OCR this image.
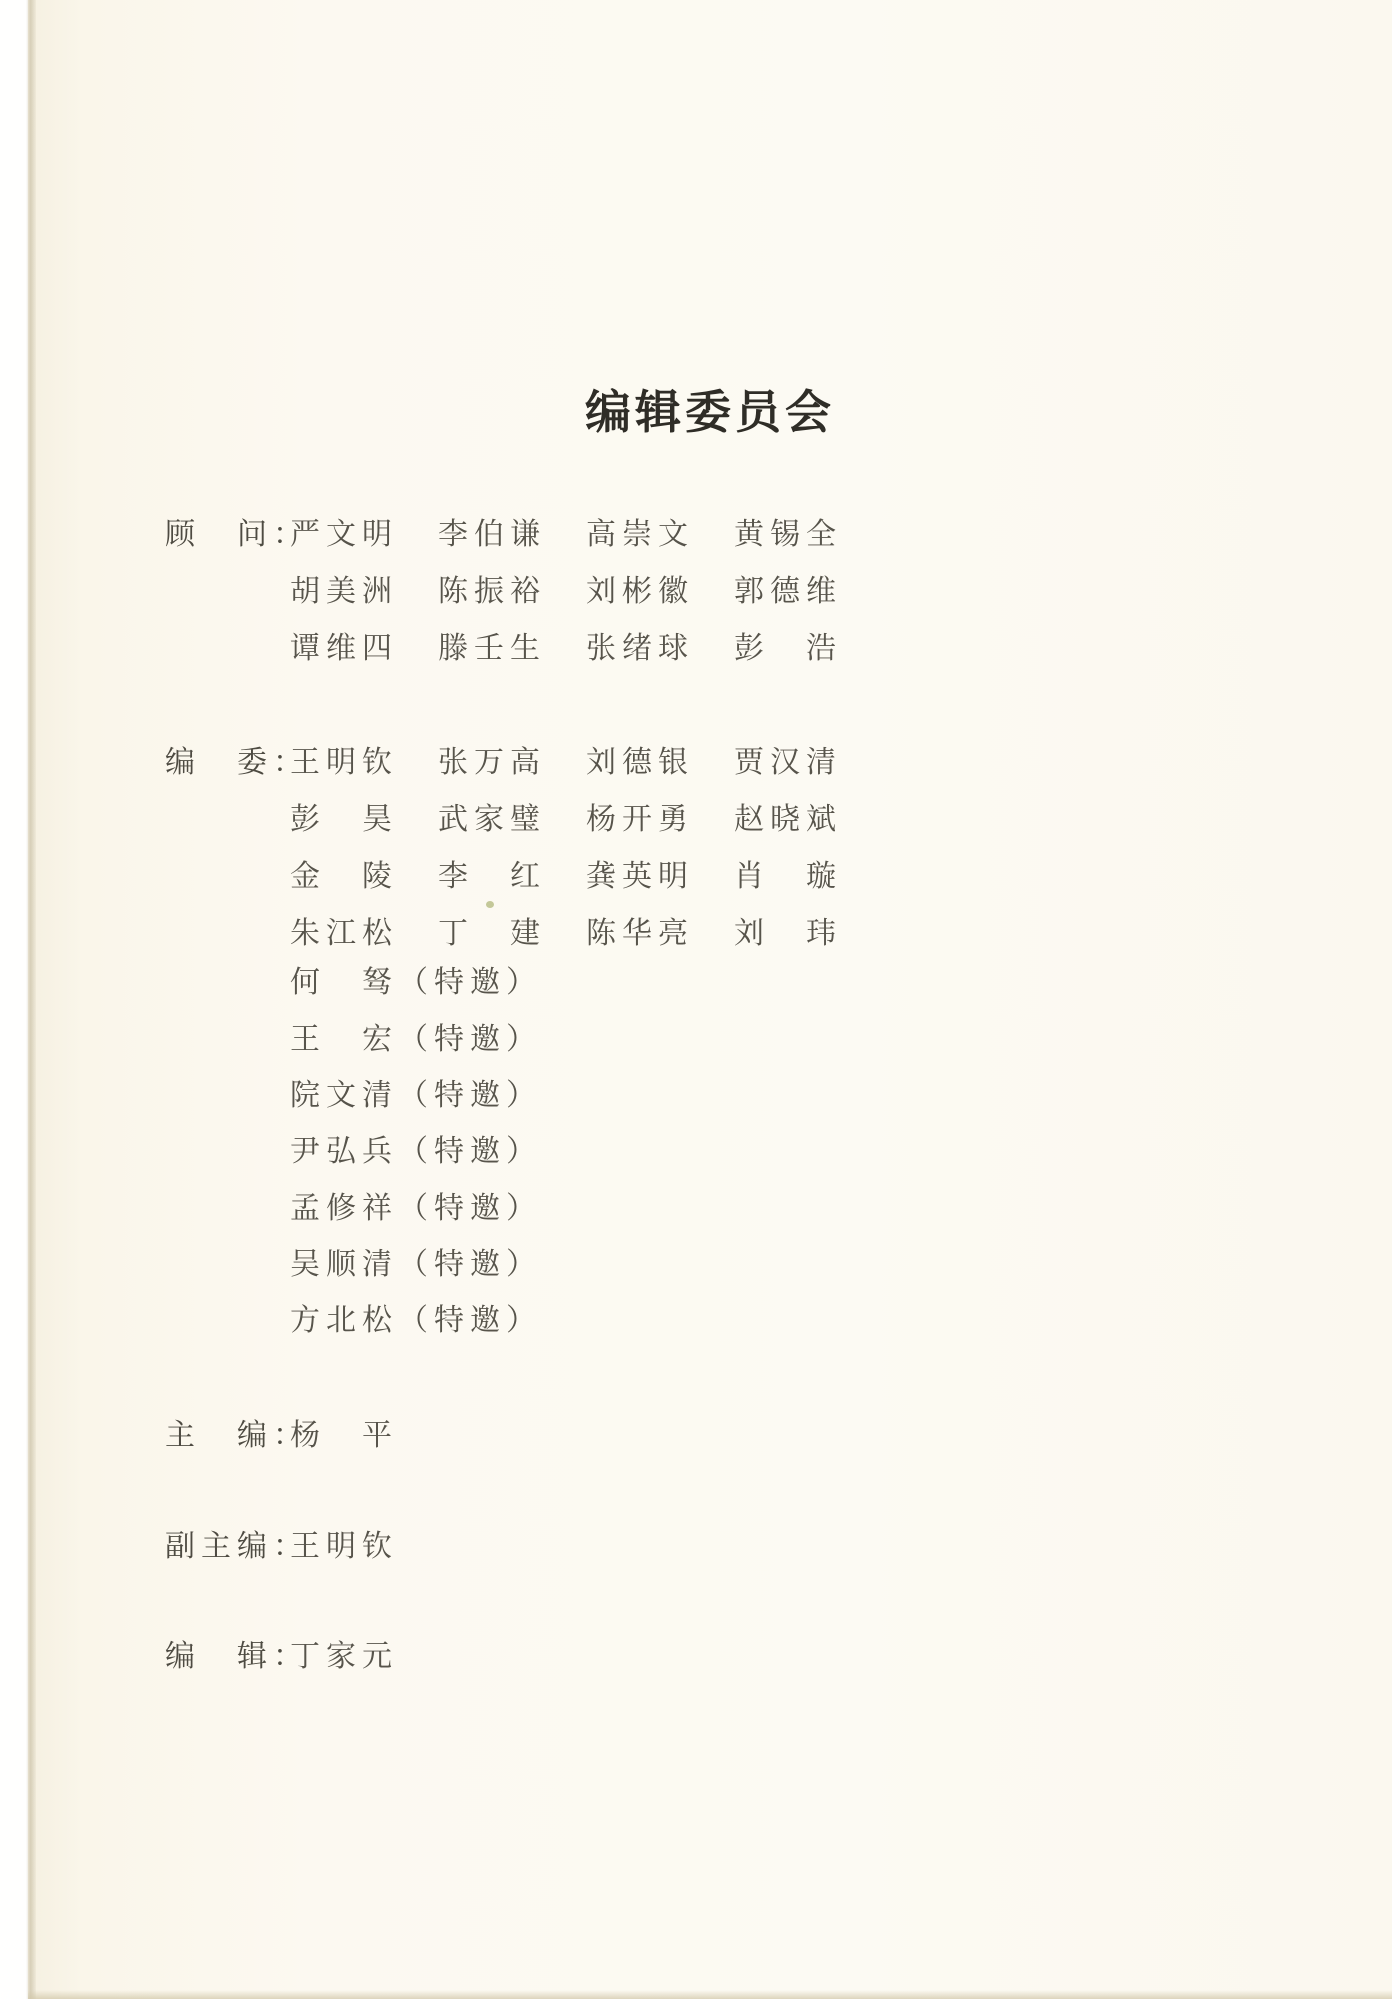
编辑委员会
顾　问：
严文明	李伯谦	高崇文	黄锡全
胡美洲	陈振裕	刘彬徽	郭德维
谭维四	滕壬生	张绪球	彭　浩
编　委：
王明钦	张万高	刘德银	贾汉清
彭　昊	武家璧	杨开勇	赵晓斌
金　陵	李　红	龚英明	肖　璇
朱江松	丁　建	陈华亮	刘　玮
何　驽（特邀）
王　宏（特邀）
院文清（特邀）
尹弘兵（特邀）
孟修祥（特邀）
吴顺清（特邀）
方北松（特邀）
主　编：
杨　平
副主编：
王明钦
编　辑：
丁家元
